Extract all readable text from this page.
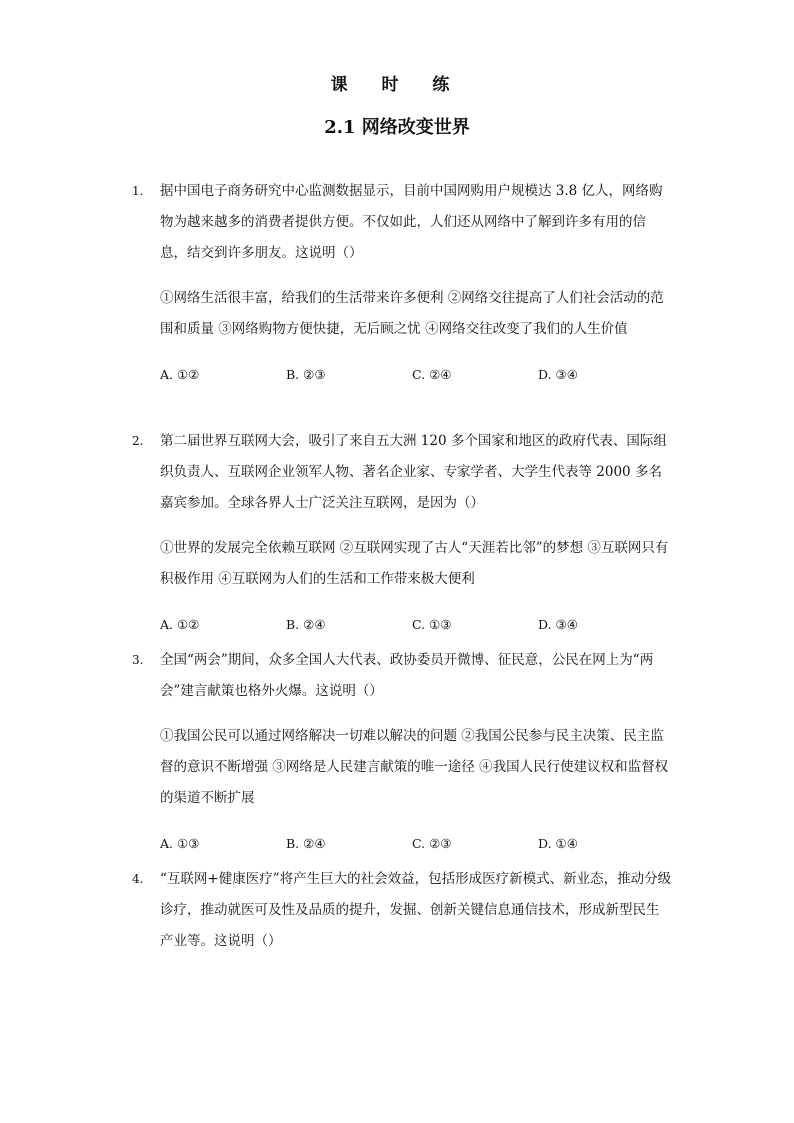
课 时 练
2.1 网络改变世界
1. 据中国电子商务研究中心监测数据显示，目前中国网购用户规模达 3.8 亿人，网络购物为越来越多的消费者提供方便。不仅如此，人们还从网络中了解到许多有用的信息，结交到许多朋友。这说明（）
①网络生活很丰富，给我们的生活带来许多便利 ②网络交往提高了人们社会活动的范围和质量 ③网络购物方便快捷，无后顾之忧 ④网络交往改变了我们的人生价值
A. ①②	B. ②③	C. ②④	D. ③④
2. 第二届世界互联网大会，吸引了来自五大洲 120 多个国家和地区的政府代表、国际组织负责人、互联网企业领军人物、著名企业家、专家学者、大学生代表等 2000 多名嘉宾参加。全球各界人士广泛关注互联网，是因为（）
①世界的发展完全依赖互联网 ②互联网实现了古人“天涯若比邻”的梦想 ③互联网只有积极作用 ④互联网为人们的生活和工作带来极大便利
A. ①②	B. ②④	C. ①③	D. ③④
3. 全国“两会”期间，众多全国人大代表、政协委员开微博、征民意，公民在网上为“两会”建言献策也格外火爆。这说明（）
①我国公民可以通过网络解决一切难以解决的问题 ②我国公民参与民主决策、民主监督的意识不断增强 ③网络是人民建言献策的唯一途径 ④我国人民行使建议权和监督权的渠道不断扩展
A. ①③	B. ②④	C. ②③	D. ①④
4. “互联网+健康医疗”将产生巨大的社会效益，包括形成医疗新模式、新业态，推动分级诊疗，推动就医可及性及品质的提升，发掘、创新关键信息通信技术，形成新型民生产业等。这说明（）
